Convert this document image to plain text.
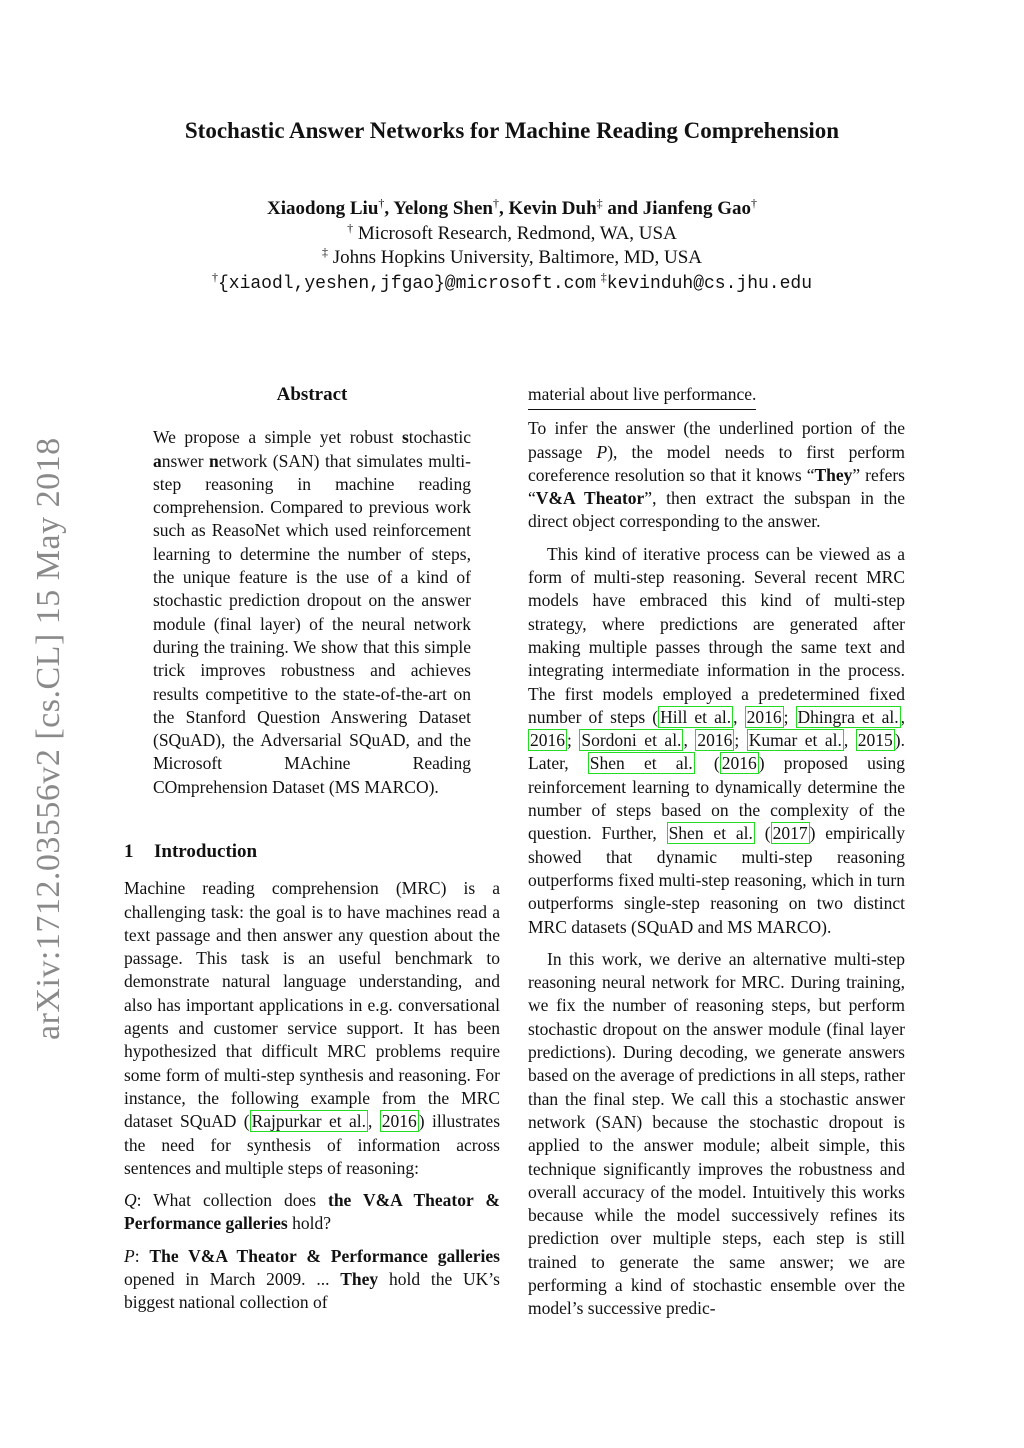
arXiv:1712.03556v2 [cs.CL] 15 May 2018
Stochastic Answer Networks for Machine Reading Comprehension
Xiaodong Liu†, Yelong Shen†, Kevin Duh‡ and Jianfeng Gao†
† Microsoft Research, Redmond, WA, USA
‡ Johns Hopkins University, Baltimore, MD, USA
†{xiaodl,yeshen,jfgao}@microsoft.com ‡kevinduh@cs.jhu.edu
Abstract

We propose a simple yet robust stochastic answer network (SAN) that simulates multi-step reasoning in machine reading comprehension. Compared to previous work such as ReasoNet which used reinforcement learning to determine the number of steps, the unique feature is the use of a kind of stochastic prediction dropout on the answer module (final layer) of the neural network during the training. We show that this simple trick improves robustness and achieves results competitive to the state-of-the-art on the Stanford Question Answering Dataset (SQuAD), the Adversarial SQuAD, and the Microsoft MAchine Reading COmprehension Dataset (MS MARCO).

1 Introduction

Machine reading comprehension (MRC) is a challenging task: the goal is to have machines read a text passage and then answer any question about the passage. This task is an useful benchmark to demonstrate natural language understanding, and also has important applications in e.g. conversational agents and customer service support. It has been hypothesized that difficult MRC problems require some form of multi-step synthesis and reasoning. For instance, the following example from the MRC dataset SQuAD ( Rajpurkar et al. , 2016 ) illustrates the need for synthesis of information across sentences and multiple steps of reasoning:

Q: What collection does the V&A Theator & Performance galleries hold?

P: The V&A Theator & Performance galleries opened in March 2009. ... They hold the UK’s biggest national collection of

material about live performance.

To infer the answer (the underlined portion of the passage P), the model needs to first perform coreference resolution so that it knows “They” refers “V&A Theator”, then extract the subspan in the direct object corresponding to the answer.

This kind of iterative process can be viewed as a form of multi-step reasoning. Several recent MRC models have embraced this kind of multi-step strategy, where predictions are generated after making multiple passes through the same text and integrating intermediate information in the process. The first models employed a predetermined fixed number of steps ( Hill et al. , 2016 ; Dhingra et al. , 2016 ; Sordoni et al. , 2016 ; Kumar et al. , 2015 ). Later, Shen et al. ( 2016 ) proposed using reinforcement learning to dynamically determine the number of steps based on the complexity of the question. Further, Shen et al. ( 2017 ) empirically showed that dynamic multi-step reasoning outperforms fixed multi-step reasoning, which in turn outperforms single-step reasoning on two distinct MRC datasets (SQuAD and MS MARCO).

In this work, we derive an alternative multi-step reasoning neural network for MRC. During training, we fix the number of reasoning steps, but perform stochastic dropout on the answer module (final layer predictions). During decoding, we generate answers based on the average of predictions in all steps, rather than the final step. We call this a stochastic answer network (SAN) because the stochastic dropout is applied to the answer module; albeit simple, this technique significantly improves the robustness and overall accuracy of the model. Intuitively this works because while the model successively refines its prediction over multiple steps, each step is still trained to generate the same answer; we are performing a kind of stochastic ensemble over the model’s successive predic-
